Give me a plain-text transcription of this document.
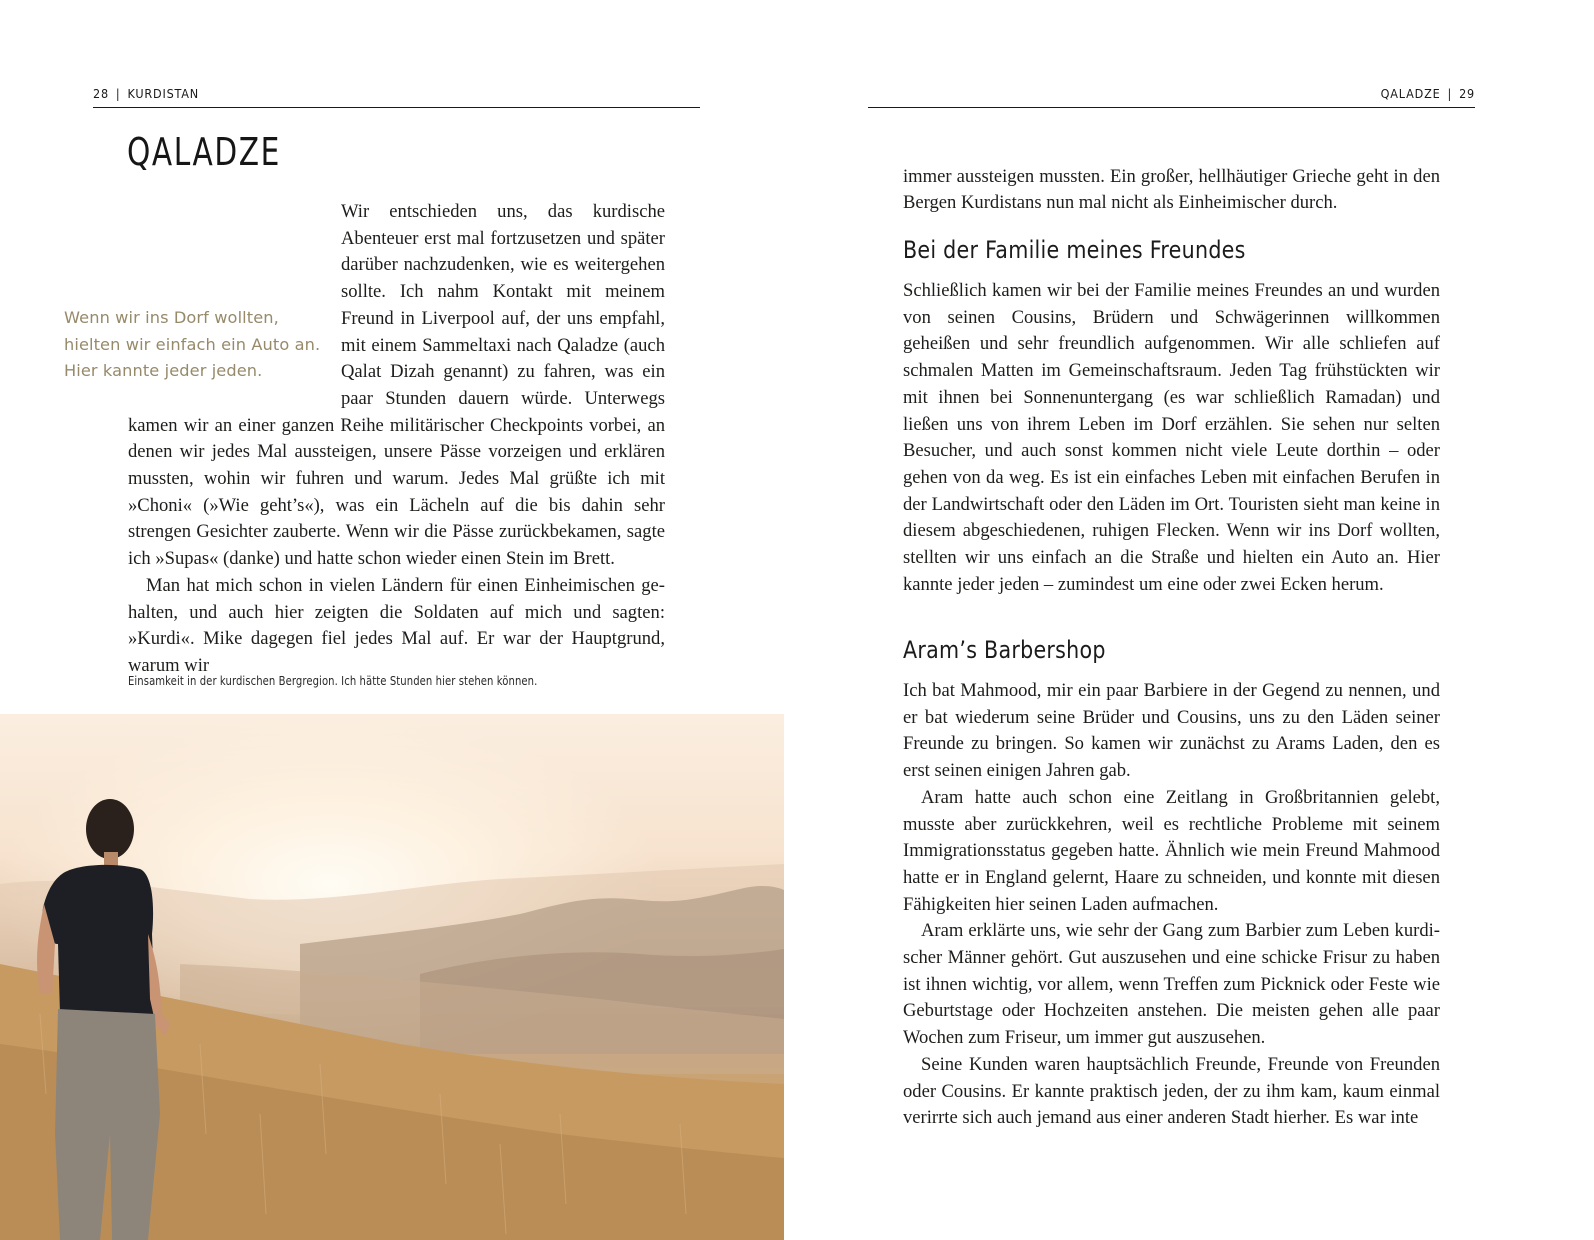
28 | KURDISTAN
QALADZE

Wir entschieden uns, das kurdische Abenteuer erst mal fortzusetzen und später darüber nachzudenken, wie es weitergehen sollte. Ich nahm Kontakt mit meinem Freund in Liverpool auf, der uns empfahl, mit einem Sammeltaxi nach Qaladze (auch Qalat Dizah genannt) zu fahren, was ein paar Stunden dauern würde. Unterwegs kamen wir an einer ganzen Reihe militärischer Checkpoints vorbei, an denen wir jedes Mal aussteigen, unsere Pässe vorzeigen und erklären mussten, wohin wir fuhren und warum. Jedes Mal grüßte ich mit »Choni« (»Wie geht’s«), was ein Lächeln auf die bis dahin sehr strengen Gesichter zauberte. Wenn wir die Pässe zurückbekamen, sagte ich »Supas« (danke) und hatte schon wieder einen Stein im Brett.

Man hat mich schon in vielen Ländern für einen Einheimischen gehalten, und auch hier zeigten die Soldaten auf mich und sagten: »Kurdi«. Mike dagegen fiel jedes Mal auf. Er war der Hauptgrund, warum wir

Wenn wir ins Dorf wollten, hielten wir einfach ein Auto an. Hier kannte jeder jeden.
Einsamkeit in der kurdischen Bergregion. Ich hätte Stunden hier stehen können.
QALADZE | 29

immer aussteigen mussten. Ein großer, hellhäutiger Grieche geht in den Bergen Kurdistans nun mal nicht als Einheimischer durch.

Bei der Familie meines Freundes

Schließlich kamen wir bei der Familie meines Freundes an und wurden von seinen Cousins, Brüdern und Schwägerinnen willkommen geheißen und sehr freundlich aufgenommen. Wir alle schliefen auf schmalen Matten im Gemeinschaftsraum. Jeden Tag frühstückten wir mit ihnen bei Sonnenuntergang (es war schließlich Ramadan) und ließen uns von ihrem Leben im Dorf erzählen. Sie sehen nur selten Besucher, und auch sonst kommen nicht viele Leute dorthin – oder gehen von da weg. Es ist ein einfaches Leben mit einfachen Berufen in der Landwirtschaft oder den Läden im Ort. Touristen sieht man keine in diesem abgeschiedenen, ruhigen Flecken. Wenn wir ins Dorf wollten, stellten wir uns einfach an die Straße und hielten ein Auto an. Hier kannte jeder jeden – zumindest um eine oder zwei Ecken herum.

Aram’s Barbershop

Ich bat Mahmood, mir ein paar Barbiere in der Gegend zu nennen, und er bat wiederum seine Brüder und Cousins, uns zu den Läden seiner Freunde zu bringen. So kamen wir zunächst zu Arams Laden, den es erst seinen einigen Jahren gab.

Aram hatte auch schon eine Zeitlang in Großbritannien gelebt, musste aber zurückkehren, weil es rechtliche Probleme mit seinem Immigrationsstatus gegeben hatte. Ähnlich wie mein Freund Mahmood hatte er in England gelernt, Haare zu schneiden, und konnte mit diesen Fähigkeiten hier seinen Laden aufmachen.

Aram erklärte uns, wie sehr der Gang zum Barbier zum Leben kurdischer Männer gehört. Gut auszusehen und eine schicke Frisur zu haben ist ihnen wichtig, vor allem, wenn Treffen zum Picknick oder Feste wie Geburtstage oder Hochzeiten anstehen. Die meisten gehen alle paar Wochen zum Friseur, um immer gut auszusehen.

Seine Kunden waren hauptsächlich Freunde, Freunde von Freunden oder Cousins. Er kannte praktisch jeden, der zu ihm kam, kaum einmal verirrte sich auch jemand aus einer anderen Stadt hierher. Es war inte
